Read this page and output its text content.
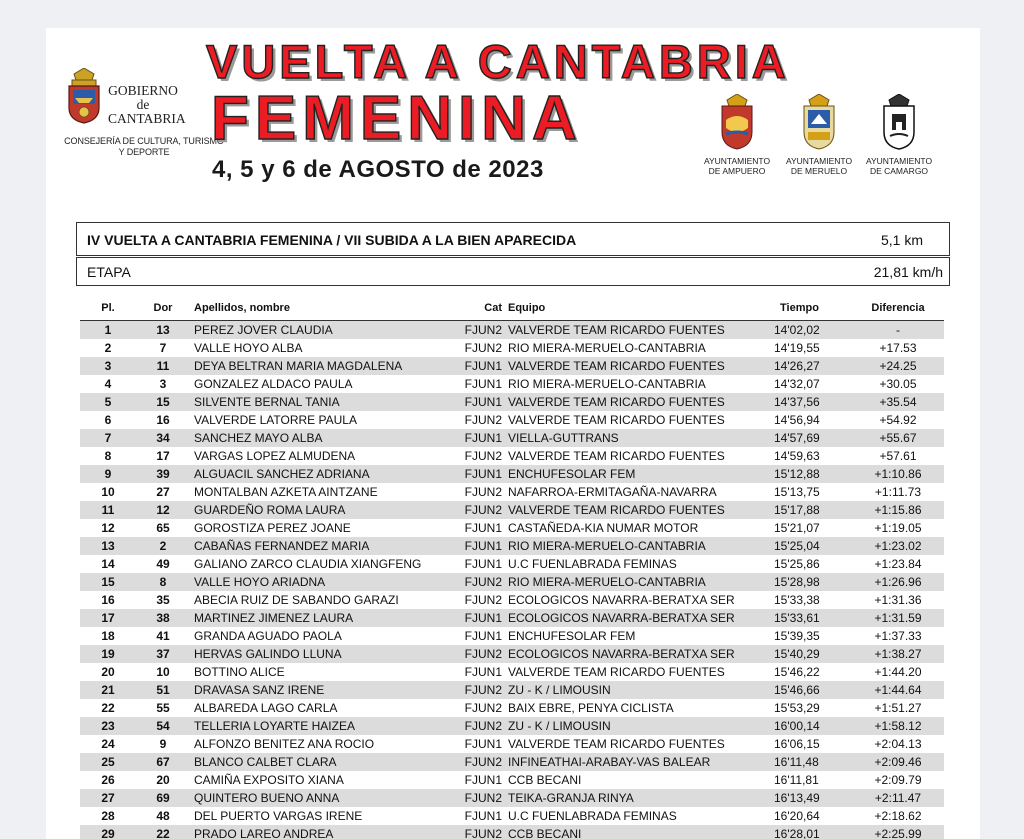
GOBIERNO
de
CANTABRIA
CONSEJERÍA DE CULTURA, TURISMO Y DEPORTE
VUELTA A CANTABRIA
FEMENINA
4, 5 y 6 de AGOSTO de 2023	AYUNTAMIENTO DE AMPUERO
AYUNTAMIENTO DE MERUELO
AYUNTAMIENTO DE CAMARGO
IV VUELTA A CANTABRIA FEMENINA / VII SUBIDA A LA BIEN APARECIDA	5,1 km
ETAPA	21,81 km/h
Pl.	Dor	Apellidos, nombre	Cat Equipo	Tiempo	Diferencia
1	13	PEREZ JOVER CLAUDIA	FJUN2 VALVERDE TEAM RICARDO FUENTES	14'02,02	-
2	7	VALLE HOYO ALBA	FJUN2 RIO MIERA-MERUELO-CANTABRIA	14'19,55	+17.53
3	11	DEYA BELTRAN MARIA MAGDALENA	FJUN1 VALVERDE TEAM RICARDO FUENTES	14'26,27	+24.25
4	3	GONZALEZ ALDACO PAULA	FJUN1 RIO MIERA-MERUELO-CANTABRIA	14'32,07	+30.05
5	15	SILVENTE BERNAL TANIA	FJUN1 VALVERDE TEAM RICARDO FUENTES	14'37,56	+35.54
6	16	VALVERDE LATORRE PAULA	FJUN2 VALVERDE TEAM RICARDO FUENTES	14'56,94	+54.92
7	34	SANCHEZ MAYO ALBA	FJUN1 VIELLA-GUTTRANS	14'57,69	+55.67
8	17	VARGAS LOPEZ ALMUDENA	FJUN2 VALVERDE TEAM RICARDO FUENTES	14'59,63	+57.61
9	39	ALGUACIL SANCHEZ ADRIANA	FJUN1 ENCHUFESOLAR FEM	15'12,88	+1:10.86
10	27	MONTALBAN AZKETA AINTZANE	FJUN2 NAFARROA-ERMITAGAÑA-NAVARRA	15'13,75	+1:11.73
11	12	GUARDEÑO ROMA LAURA	FJUN2 VALVERDE TEAM RICARDO FUENTES	15'17,88	+1:15.86
12	65	GOROSTIZA PEREZ JOANE	FJUN1 CASTAÑEDA-KIA NUMAR MOTOR	15'21,07	+1:19.05
13	2	CABAÑAS FERNANDEZ MARIA	FJUN1 RIO MIERA-MERUELO-CANTABRIA	15'25,04	+1:23.02
14	49	GALIANO ZARCO CLAUDIA XIANGFENG	FJUN1 U.C FUENLABRADA FEMINAS	15'25,86	+1:23.84
15	8	VALLE HOYO ARIADNA	FJUN2 RIO MIERA-MERUELO-CANTABRIA	15'28,98	+1:26.96
16	35	ABECIA RUIZ DE SABANDO GARAZI	FJUN2 ECOLOGICOS NAVARRA-BERATXA SER	15'33,38	+1:31.36
17	38	MARTINEZ JIMENEZ LAURA	FJUN1 ECOLOGICOS NAVARRA-BERATXA SER	15'33,61	+1:31.59
18	41	GRANDA AGUADO PAOLA	FJUN1 ENCHUFESOLAR FEM	15'39,35	+1:37.33
19	37	HERVAS GALINDO LLUNA	FJUN2 ECOLOGICOS NAVARRA-BERATXA SER	15'40,29	+1:38.27
20	10	BOTTINO ALICE	FJUN1 VALVERDE TEAM RICARDO FUENTES	15'46,22	+1:44.20
21	51	DRAVASA SANZ IRENE	FJUN2 ZU - K / LIMOUSIN	15'46,66	+1:44.64
22	55	ALBAREDA LAGO CARLA	FJUN2 BAIX EBRE, PENYA CICLISTA	15'53,29	+1:51.27
23	54	TELLERIA LOYARTE HAIZEA	FJUN2 ZU - K / LIMOUSIN	16'00,14	+1:58.12
24	9	ALFONZO BENITEZ ANA ROCIO	FJUN1 VALVERDE TEAM RICARDO FUENTES	16'06,15	+2:04.13
25	67	BLANCO CALBET CLARA	FJUN2 INFINEATHAI-ARABAY-VAS BALEAR	16'11,48	+2:09.46
26	20	CAMIÑA EXPOSITO XIANA	FJUN1 CCB BECANI	16'11,81	+2:09.79
27	69	QUINTERO BUENO ANNA	FJUN2 TEIKA-GRANJA RINYA	16'13,49	+2:11.47
28	48	DEL PUERTO VARGAS IRENE	FJUN1 U.C FUENLABRADA FEMINAS	16'20,64	+2:18.62
29	22	PRADO LAREO ANDREA	FJUN2 CCB BECANI	16'28,01	+2:25.99
